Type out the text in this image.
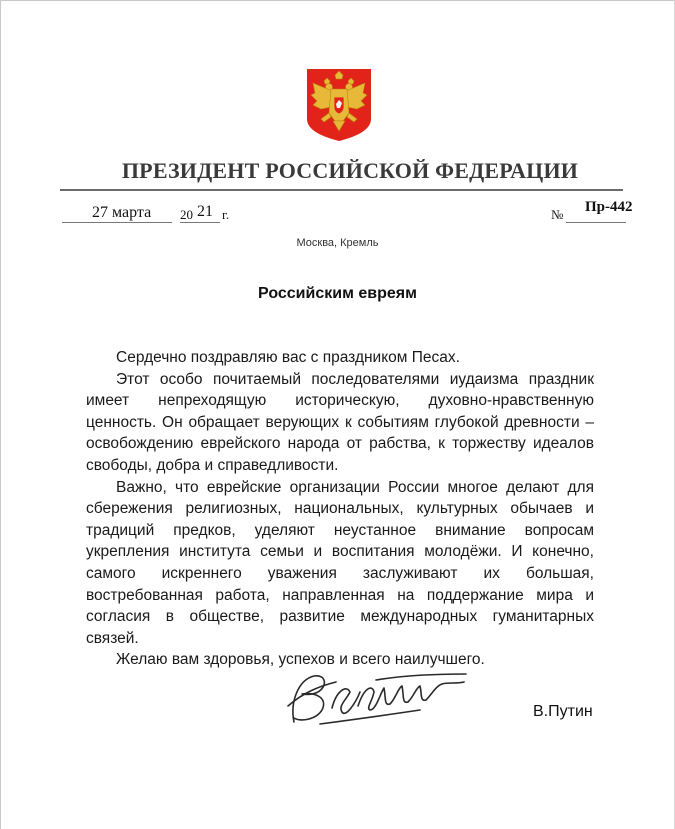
ПРЕЗИДЕНТ РОССИЙСКОЙ ФЕДЕРАЦИИ
27 марта 20 21 г.	№ Пр-442
Москва, Кремль
Российским евреям

Сердечно поздравляю вас с праздником Песах.

Этот особо почитаемый последователями иудаизма праздник имеет непреходящую историческую, духовно-нравственную ценность. Он обращает верующих к событиям глубокой древности – освобождению еврейского народа от рабства, к торжеству идеалов свободы, добра и справедливости.

Важно, что еврейские организации России многое делают для сбережения религиозных, национальных, культурных обычаев и традиций предков, уделяют неустанное внимание вопросам укрепления института семьи и воспитания молодёжи. И конечно, самого искреннего уважения заслуживают их большая, востребованная работа, направленная на поддержание мира и согласия в обществе, развитие международных гуманитарных связей.

Желаю вам здоровья, успехов и всего наилучшего.

В.Путин
